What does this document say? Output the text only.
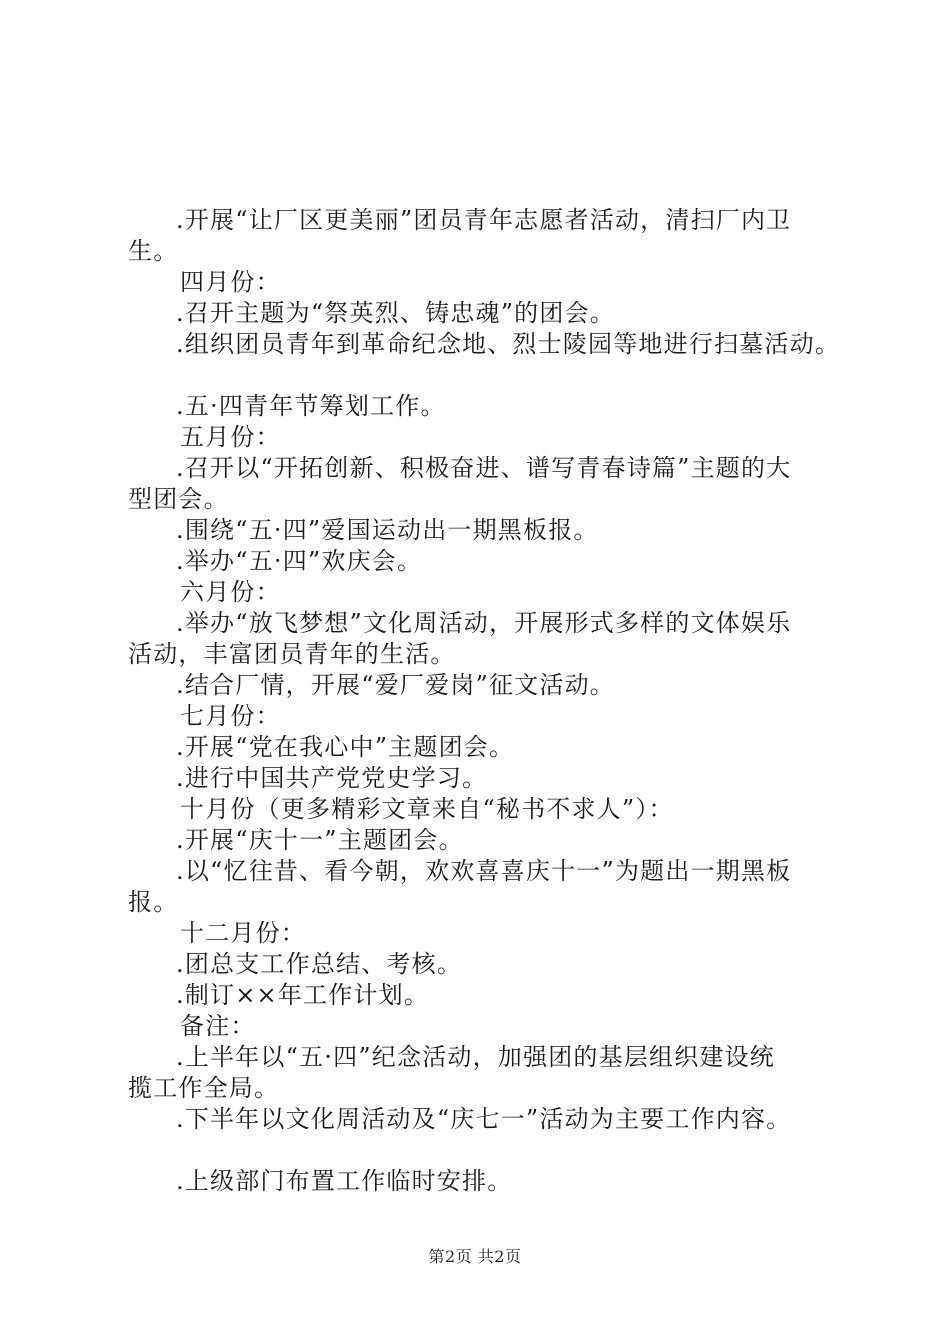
.开展“让厂区更美丽”团员青年志愿者活动，清扫厂内卫
生。
四月份：
.召开主题为“祭英烈、铸忠魂”的团会。
.组织团员青年到革命纪念地、烈士陵园等地进行扫墓活动。
.五·四青年节筹划工作。
五月份：
.召开以“开拓创新、积极奋进、谱写青春诗篇”主题的大
型团会。
.围绕“五·四”爱国运动出一期黑板报。
.举办“五·四”欢庆会。
六月份：
.举办“放飞梦想”文化周活动，开展形式多样的文体娱乐
活动，丰富团员青年的生活。
.结合厂情，开展“爱厂爱岗”征文活动。
七月份：
.开展“党在我心中”主题团会。
.进行中国共产党党史学习。
十月份（更多精彩文章来自“秘书不求人”）：
.开展“庆十一”主题团会。
.以“忆往昔、看今朝，欢欢喜喜庆十一”为题出一期黑板
报。
十二月份：
.团总支工作总结、考核。
.制订××年工作计划。
备注：
.上半年以“五·四”纪念活动，加强团的基层组织建设统
揽工作全局。
.下半年以文化周活动及“庆七一”活动为主要工作内容。
.上级部门布置工作临时安排。
第2页 共2页
